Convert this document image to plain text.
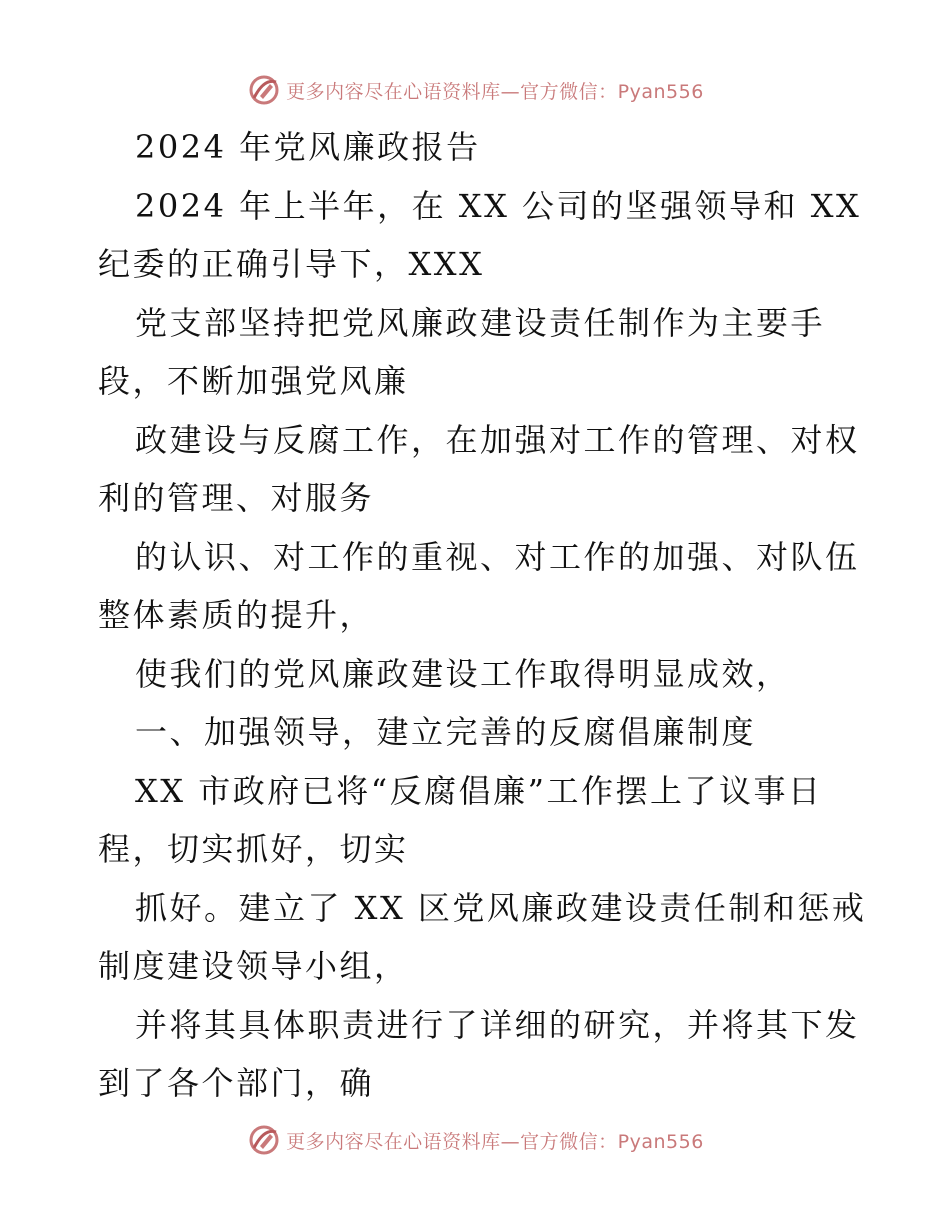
更多内容尽在心语资料库—官方微信：Pyan556
2024 年党风廉政报告
2024 年上半年，在 XX 公司的坚强领导和 XX
纪委的正确引导下，XXX
党支部坚持把党风廉政建设责任制作为主要手
段，不断加强党风廉
政建设与反腐工作，在加强对工作的管理、对权
利的管理、对服务
的认识、对工作的重视、对工作的加强、对队伍
整体素质的提升，
使我们的党风廉政建设工作取得明显成效，
一、加强领导，建立完善的反腐倡廉制度
XX 市政府已将“反腐倡廉”工作摆上了议事日
程，切实抓好，切实
抓好。建立了 XX 区党风廉政建设责任制和惩戒
制度建设领导小组，
并将其具体职责进行了详细的研究，并将其下发
到了各个部门，确
更多内容尽在心语资料库—官方微信：Pyan556
